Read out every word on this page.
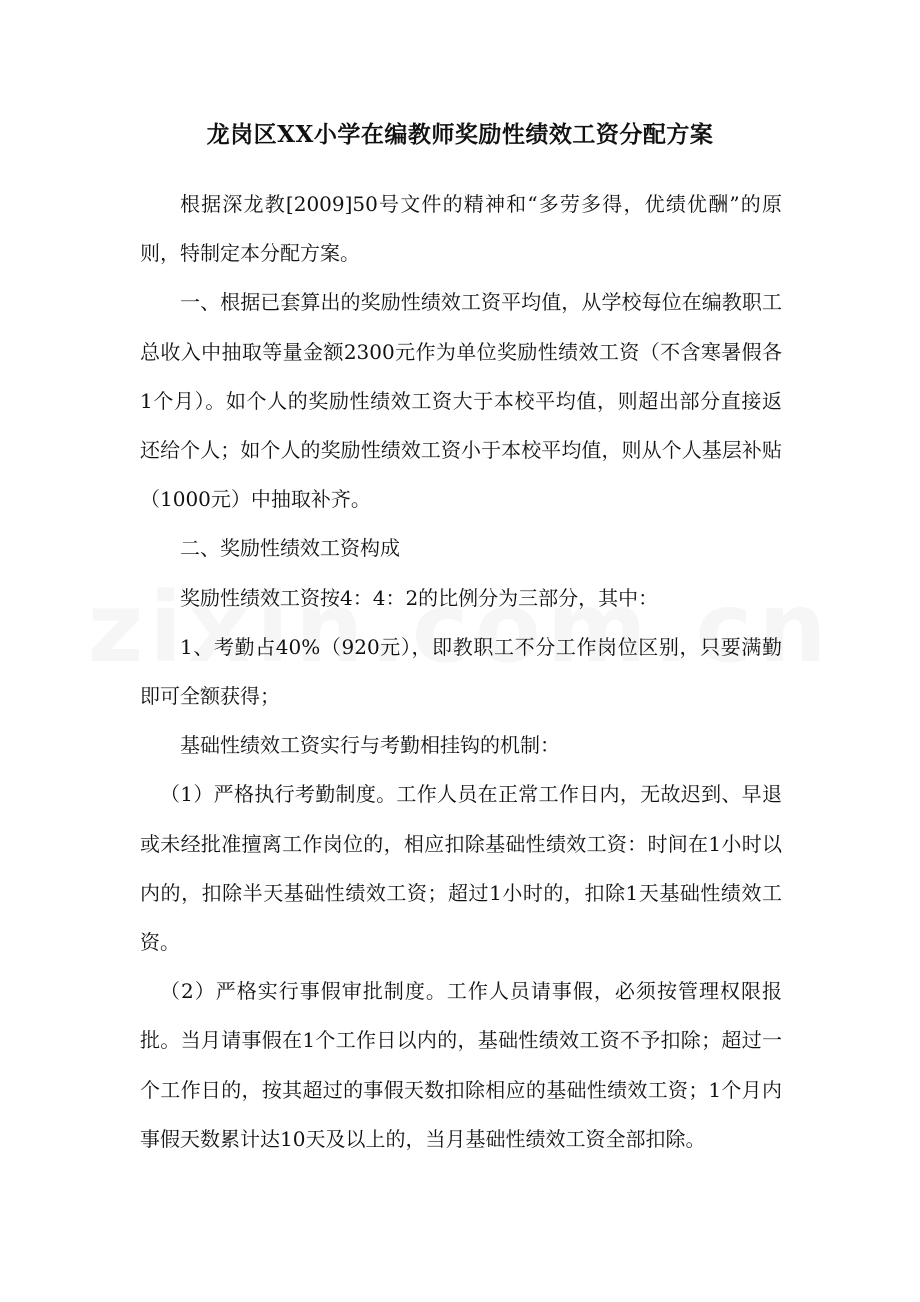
龙岗区XX小学在编教师奖励性绩效工资分配方案

根据深龙教[2009]50号文件的精神和“多劳多得，优绩优酬”的原则，特制定本分配方案。

一、根据已套算出的奖励性绩效工资平均值，从学校每位在编教职工总收入中抽取等量金额2300元作为单位奖励性绩效工资（不含寒暑假各1个月）。如个人的奖励性绩效工资大于本校平均值，则超出部分直接返还给个人；如个人的奖励性绩效工资小于本校平均值，则从个人基层补贴（1000元）中抽取补齐。

二、奖励性绩效工资构成

奖励性绩效工资按4：4：2的比例分为三部分，其中：

1、考勤占40%（920元），即教职工不分工作岗位区别，只要满勤即可全额获得；

基础性绩效工资实行与考勤相挂钩的机制：

（1）严格执行考勤制度。工作人员在正常工作日内，无故迟到、早退或未经批准擅离工作岗位的，相应扣除基础性绩效工资：时间在1小时以内的，扣除半天基础性绩效工资；超过1小时的，扣除1天基础性绩效工资。

（2）严格实行事假审批制度。工作人员请事假，必须按管理权限报批。当月请事假在1个工作日以内的，基础性绩效工资不予扣除；超过一个工作日的，按其超过的事假天数扣除相应的基础性绩效工资；1个月内事假天数累计达10天及以上的，当月基础性绩效工资全部扣除。
